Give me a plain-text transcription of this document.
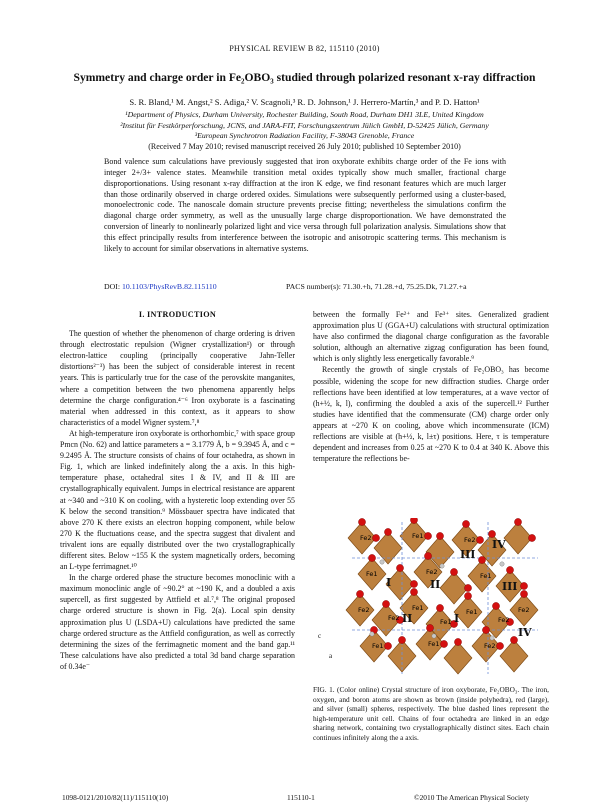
PHYSICAL REVIEW B 82, 115110 (2010)
Symmetry and charge order in Fe₂OBO₃ studied through polarized resonant x-ray diffraction
S. R. Bland,¹ M. Angst,² S. Adiga,² V. Scagnoli,³ R. D. Johnson,¹ J. Herrero-Martín,³ and P. D. Hatton¹
¹Department of Physics, Durham University, Rochester Building, South Road, Durham DH1 3LE, United Kingdom
²Institut für Festkörperforschung, JCNS, and JARA-FIT, Forschungszentrum Jülich GmbH, D-52425 Jülich, Germany
³European Synchrotron Radiation Facility, F-38043 Grenoble, France
(Received 7 May 2010; revised manuscript received 26 July 2010; published 10 September 2010)
Bond valence sum calculations have previously suggested that iron oxyborate exhibits charge order of the Fe ions with integer 2+/3+ valence states. Meanwhile transition metal oxides typically show much smaller, fractional charge disproportionations. Using resonant x-ray diffraction at the iron K edge, we find resonant features which are much larger than those ordinarily observed in charge ordered oxides. Simulations were subsequently performed using a cluster-based, monoelectronic code. The nanoscale domain structure prevents precise fitting; nevertheless the simulations confirm the diagonal charge order symmetry, as well as the unusually large charge disproportionation. We have demonstrated the conversion of linearly to nonlinearly polarized light and vice versa through full polarization analysis. Simulations show that this effect principally results from interference between the isotropic and anisotropic scattering terms. This mechanism is likely to account for similar observations in alternative systems.
DOI: 10.1103/PhysRevB.82.115110	PACS number(s): 71.30.+h, 71.28.+d, 75.25.Dk, 71.27.+a
I. INTRODUCTION

The question of whether the phenomenon of charge ordering is driven through electrostatic repulsion (Wigner crystallization¹) or through electron-lattice coupling (principally cooperative Jahn-Teller distortions²⁻³) has been the subject of considerable interest in recent years. This is particularly true for the case of the perovskite manganites, where a competition between the two phenomena apparently helps determine the charge configuration.⁴⁻⁶ Iron oxyborate is a fascinating material when addressed in this context, as it appears to show characteristics of a model Wigner system.⁷,⁸

At high-temperature iron oxyborate is orthorhombic,⁷ with space group Pmcn (No. 62) and lattice parameters a = 3.1779 Å, b = 9.3945 Å, and c = 9.2495 Å. The structure consists of chains of four octahedra, as shown in Fig. 1, which are linked indefinitely along the a axis. In this high-temperature phase, octahedral sites I & IV, and II & III are crystallographically equivalent. Jumps in electrical resistance are apparent at ~340 and ~310 K on cooling, with a hysteretic loop extending over 55 K below the second transition.⁹ Mössbauer spectra have indicated that above 270 K there exists an electron hopping component, while below 270 K the fluctuations cease, and the spectra suggest that divalent and trivalent ions are equally distributed over the two crystallographically different sites. Below ~155 K the system magnetically orders, becoming an L-type ferrimagnet.¹⁰

In the charge ordered phase the structure becomes monoclinic with a maximum monoclinic angle of ~90.2° at ~190 K, and a doubled a axis supercell, as first suggested by Attfield et al.⁷,⁸ The original proposed charge ordered structure is shown in Fig. 2(a). Local spin density approximation plus U (LSDA+U) calculations have predicted the same charge ordered structure as the Attfield configuration, as well as correctly determining the sizes of the ferrimagnetic moment and the band gap.¹¹ These calculations have also predicted a total 3d band charge separation of 0.34e⁻

between the formally Fe²⁺ and Fe³⁺ sites. Generalized gradient approximation plus U (GGA+U) calculations with structural optimization have also confirmed the diagonal charge configuration as the favorable solution, although an alternative zigzag configuration has been found, which is only slightly less energetically favorable.⁹

Recently the growth of single crystals of Fe₂OBO₃ has become possible, widening the scope for new diffraction studies. Charge order reflections have been identified at low temperatures, at a wave vector of (h+½, k, l), confirming the doubled a axis of the supercell.¹² Further studies have identified that the commensurate (CM) charge order only appears at ~270 K on cooling, above which incommensurate (ICM) reflections are visible at (h+½, k, l±τ) positions. Here, τ is temperature dependent and increases from 0.25 at ~270 K to 0.4 at 340 K. Above this temperature the reflections be-

Fe2	Fe1	Fe2
Fe1	Fe2	Fe1
Fe2	Fe1	Fe1	Fe2
Fe1	Fe1	Fe2
Fe2	Fe1	Fe2
IV
III
I	II	III
I
II
IV
c
a
FIG. 1. (Color online) Crystal structure of iron oxyborate, Fe₂OBO₃. The iron, oxygen, and boron atoms are shown as brown (inside polyhedra), red (large), and silver (small) spheres, respectively. The blue dashed lines represent the high-temperature unit cell. Chains of four octahedra are linked in an edge sharing network, containing two crystallographically distinct sites. Each chain continues infinitely along the a axis.
1098-0121/2010/82(11)/115110(10)	115110-1	©2010 The American Physical Society
